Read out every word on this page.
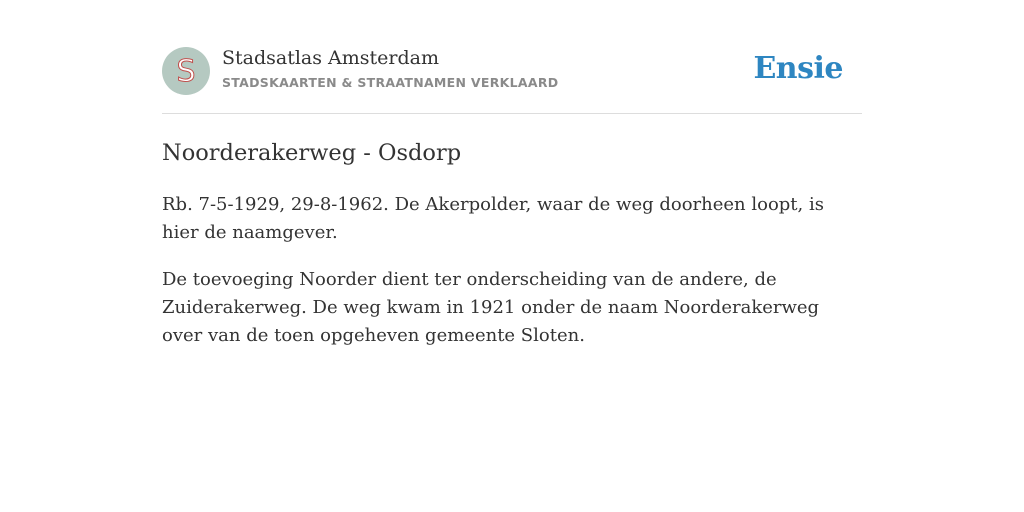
S Stadsatlas Amsterdam
STADSKAARTEN & STRAATNAMEN VERKLAARD	Ensie
Noorderakerweg - Osdorp

Rb. 7-5-1929, 29-8-1962. De Akerpolder, waar de weg doorheen loopt, is hier de naamgever.

De toevoeging Noorder dient ter onderscheiding van de andere, de Zuiderakerweg. De weg kwam in 1921 onder de naam Noorderakerweg over van de toen opgeheven gemeente Sloten.
